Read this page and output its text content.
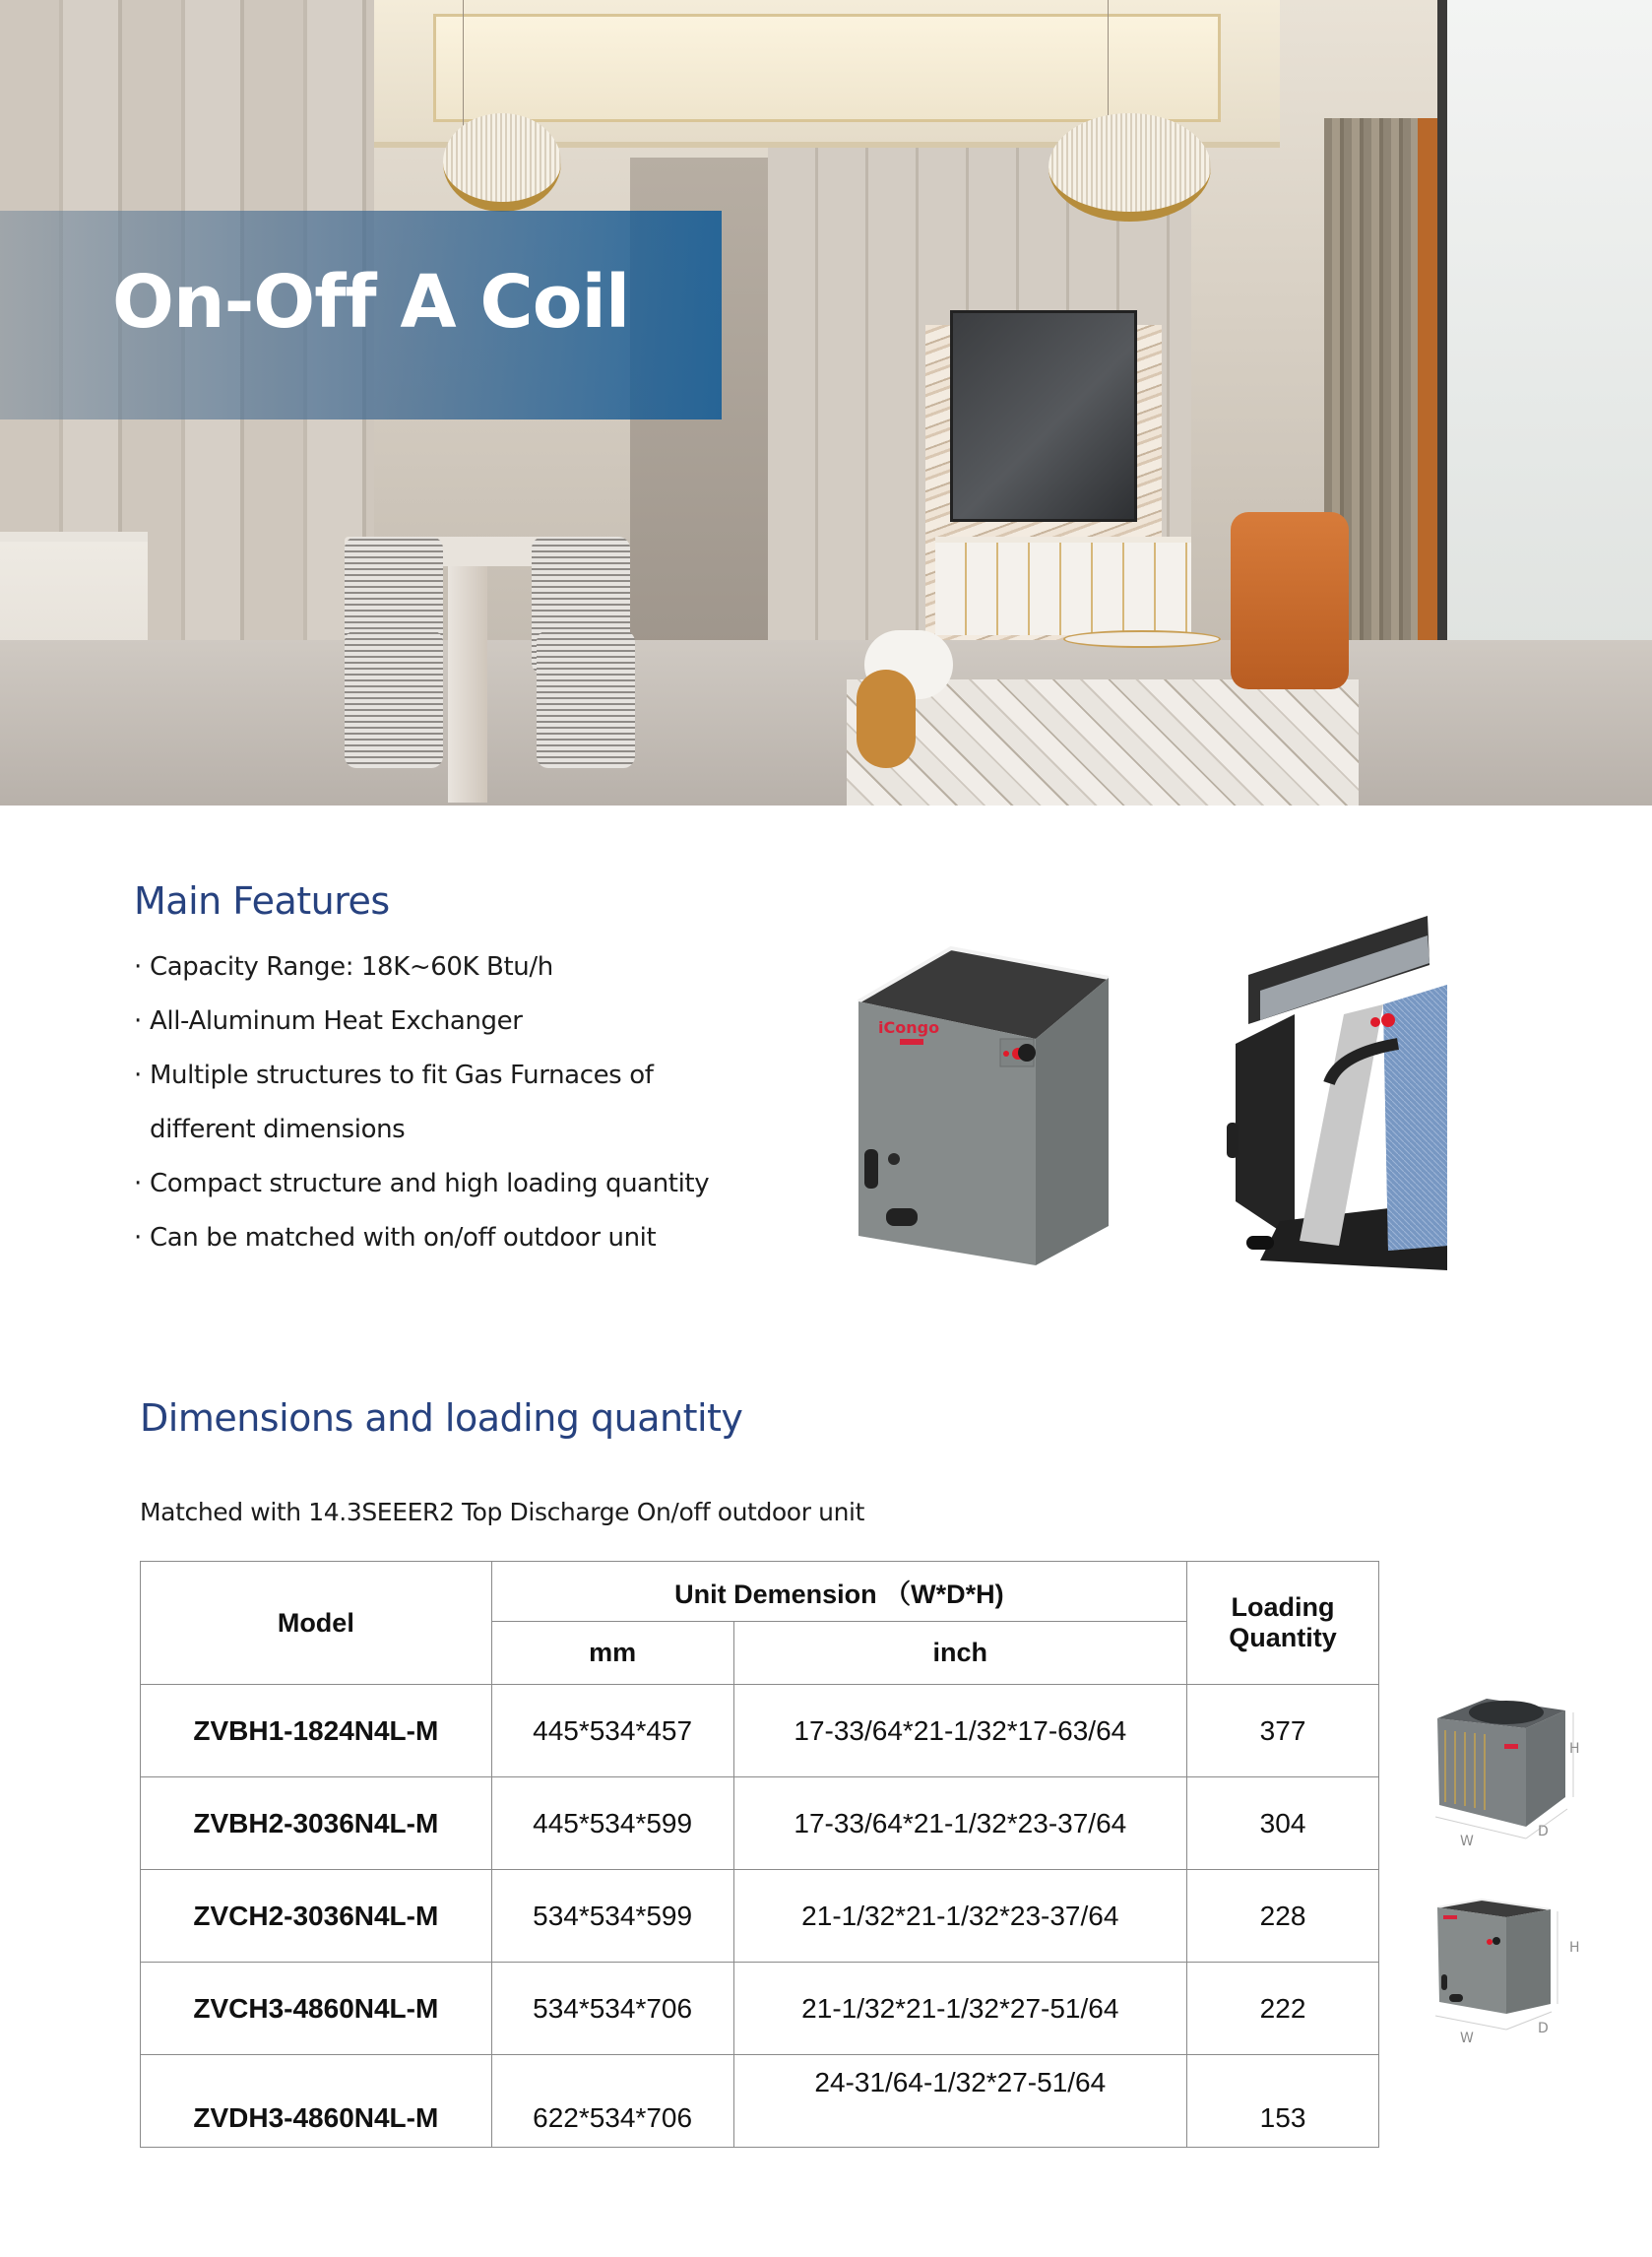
On-Off A Coil
Main Features
· Capacity Range: 18K~60K Btu/h
· All-Aluminum Heat Exchanger
· Multiple structures to fit Gas Furnaces of
different dimensions
· Compact structure and high loading quantity
· Can be matched with on/off outdoor unit
iCongo
Dimensions and loading quantity
Matched with 14.3SEEER2 Top Discharge On/off outdoor unit
Model	Unit Demension （W*D*H)		Loading
Quantity
	mm	inch	
ZVBH1-1824N4L-M	445*534*457	17-33/64*21-1/32*17-63/64	377
ZVBH2-3036N4L-M	445*534*599	17-33/64*21-1/32*23-37/64	304
ZVCH2-3036N4L-M	534*534*599	21-1/32*21-1/32*23-37/64	228
ZVCH3-4860N4L-M	534*534*706	21-1/32*21-1/32*27-51/64	222
ZVDH3-4860N4L-M	622*534*706	24-31/64-1/32*27-51/64	153
H
W
D
H
W
D
